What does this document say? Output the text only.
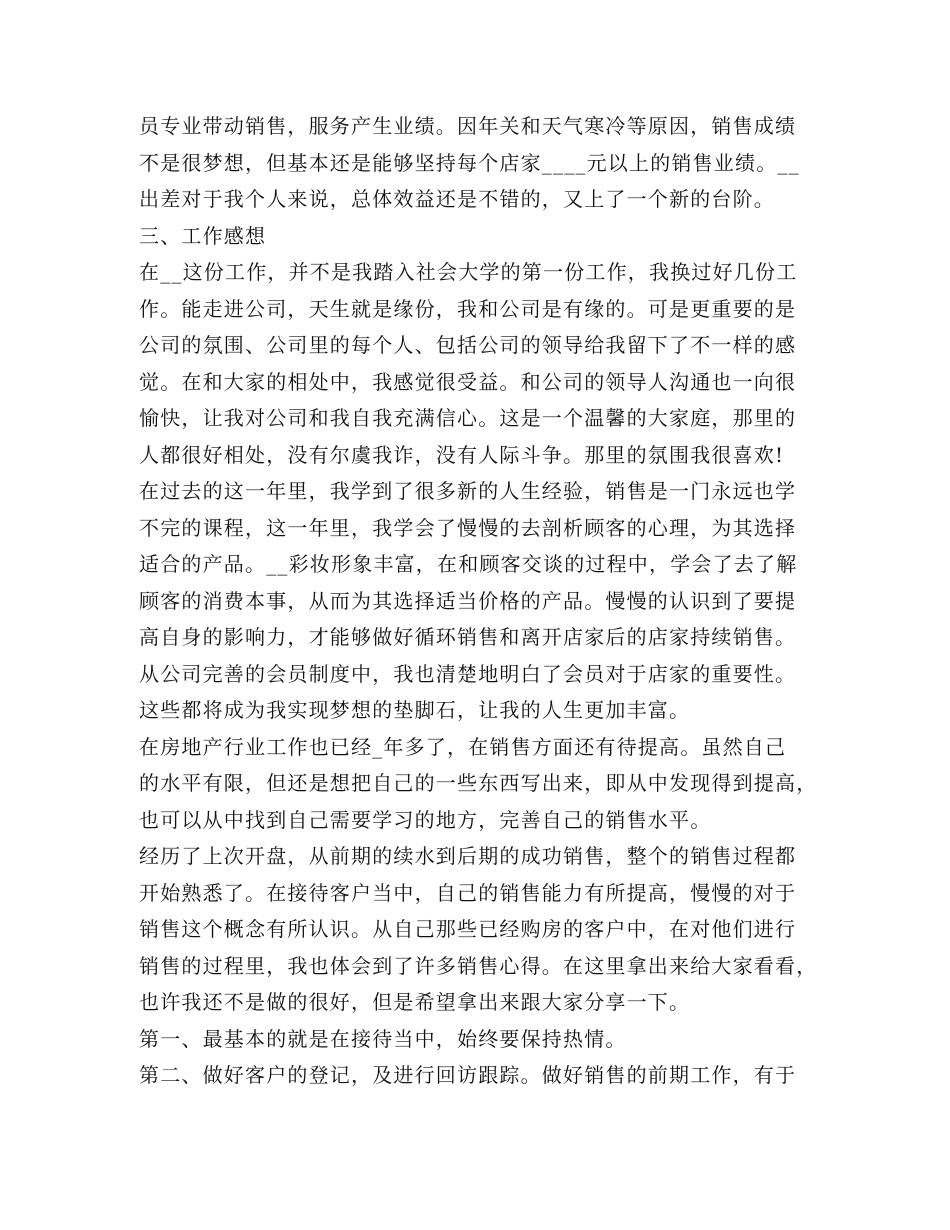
员专业带动销售，服务产生业绩。因年关和天气寒冷等原因，销售成绩
不是很梦想，但基本还是能够坚持每个店家____元以上的销售业绩。__
出差对于我个人来说，总体效益还是不错的，又上了一个新的台阶。
三、工作感想
在__这份工作，并不是我踏入社会大学的第一份工作，我换过好几份工
作。能走进公司，天生就是缘份，我和公司是有缘的。可是更重要的是
公司的氛围、公司里的每个人、包括公司的领导给我留下了不一样的感
觉。在和大家的相处中，我感觉很受益。和公司的领导人沟通也一向很
愉快，让我对公司和我自我充满信心。这是一个温馨的大家庭，那里的
人都很好相处，没有尔虞我诈，没有人际斗争。那里的氛围我很喜欢!
在过去的这一年里，我学到了很多新的人生经验，销售是一门永远也学
不完的课程，这一年里，我学会了慢慢的去剖析顾客的心理，为其选择
适合的产品。__彩妆形象丰富，在和顾客交谈的过程中，学会了去了解
顾客的消费本事，从而为其选择适当价格的产品。慢慢的认识到了要提
高自身的影响力，才能够做好循环销售和离开店家后的店家持续销售。
从公司完善的会员制度中，我也清楚地明白了会员对于店家的重要性。
这些都将成为我实现梦想的垫脚石，让我的人生更加丰富。
在房地产行业工作也已经_年多了，在销售方面还有待提高。虽然自己
的水平有限，但还是想把自己的一些东西写出来，即从中发现得到提高，
也可以从中找到自己需要学习的地方，完善自己的销售水平。
经历了上次开盘，从前期的续水到后期的成功销售，整个的销售过程都
开始熟悉了。在接待客户当中，自己的销售能力有所提高，慢慢的对于
销售这个概念有所认识。从自己那些已经购房的客户中，在对他们进行
销售的过程里，我也体会到了许多销售心得。在这里拿出来给大家看看，
也许我还不是做的很好，但是希望拿出来跟大家分享一下。
第一、最基本的就是在接待当中，始终要保持热情。
第二、做好客户的登记，及进行回访跟踪。做好销售的前期工作，有于
